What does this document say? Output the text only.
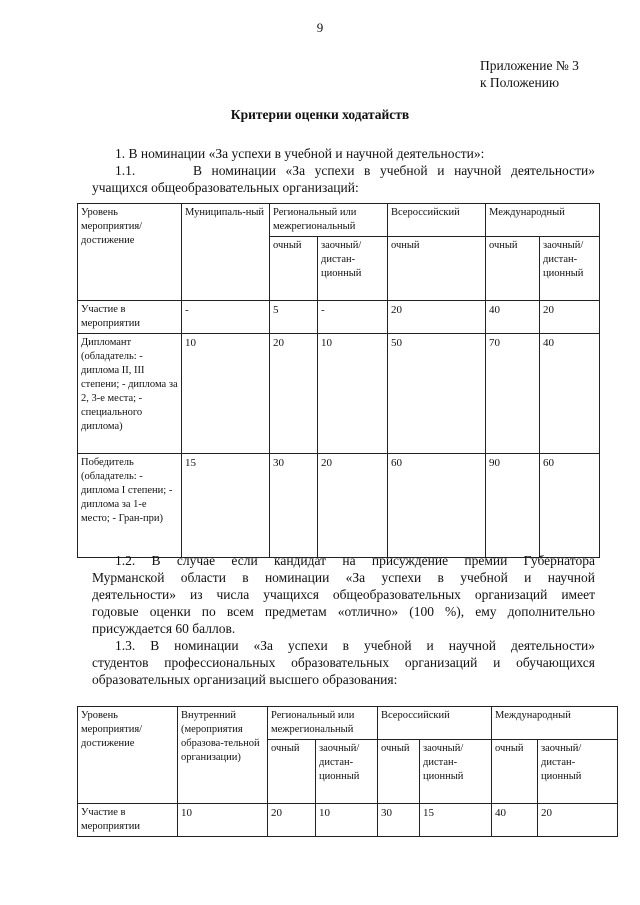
9
Приложение № 3
к Положению
Критерии оценки ходатайств
1. В номинации «За успехи в учебной и научной деятельности»:
1.1.      В номинации «За успехи в учебной и научной деятельности»
учащихся общеобразовательных организаций:
Уровень мероприятия/ достижение	Муниципаль-ный	Региональный или межрегиональный		Всероссийский	Международный	
		очный	заочный/ дистан-ционный	очный	очный	заочный/ дистан-ционный
Участие в мероприятии	-	5	-	20	40	20
Дипломант (обладатель: - диплома II, III степени; - диплома за 2, 3-е места; - специального диплома)	10	20	10	50	70	40
Победитель (обладатель: - диплома I степени; - диплома за 1-е место; - Гран-при)	15	30	20	60	90	60
1.2. В случае если кандидат на присуждение премии Губернатора
Мурманской области в номинации «За успехи в учебной и научной
деятельности» из числа учащихся общеобразовательных организаций имеет
годовые оценки по всем предметам «отлично» (100 %), ему дополнительно
присуждается 60 баллов.
1.3. В номинации «За успехи в учебной и научной деятельности»
студентов профессиональных образовательных организаций и обучающихся
образовательных организаций высшего образования:
Уровень мероприятия/ достижение	Внутренний (мероприятия образова-тельной организации)	Региональный или межрегиональный		Всероссийский		Международный	
		очный	заочный/ дистан-ционный	очный	заочный/ дистан-ционный	очный	заочный/ дистан-ционный
Участие в мероприятии	10	20	10	30	15	40	20
